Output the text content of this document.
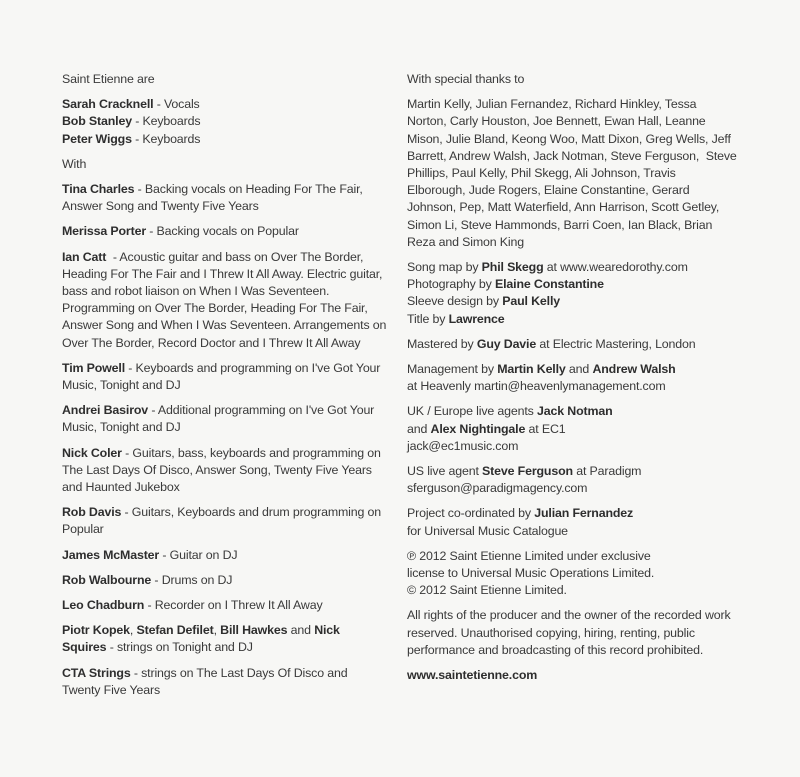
Saint Etienne are

Sarah Cracknell - Vocals
Bob Stanley - Keyboards
Peter Wiggs - Keyboards

With

Tina Charles - Backing vocals on Heading For The Fair, Answer Song and Twenty Five Years

Merissa Porter - Backing vocals on Popular

Ian Catt  - Acoustic guitar and bass on Over The Border, Heading For The Fair and I Threw It All Away. Electric guitar, bass and robot liaison on When I Was Seventeen.  Programming on Over The Border, Heading For The Fair, Answer Song and When I Was Seventeen. Arrangements on Over The Border, Record Doctor and I Threw It All Away

Tim Powell - Keyboards and programming on I've Got Your Music, Tonight and DJ

Andrei Basirov - Additional programming on I've Got Your Music, Tonight and DJ

Nick Coler - Guitars, bass, keyboards and programming on The Last Days Of Disco, Answer Song, Twenty Five Years and Haunted Jukebox

Rob Davis - Guitars, Keyboards and drum programming on Popular

James McMaster - Guitar on DJ

Rob Walbourne - Drums on DJ

Leo Chadburn - Recorder on I Threw It All Away

Piotr Kopek, Stefan Defilet, Bill Hawkes and Nick Squires - strings on Tonight and DJ

CTA Strings - strings on The Last Days Of Disco and Twenty Five Years

With special thanks to

Martin Kelly, Julian Fernandez, Richard Hinkley, Tessa Norton, Carly Houston, Joe Bennett, Ewan Hall, Leanne Mison, Julie Bland, Keong Woo, Matt Dixon, Greg Wells, Jeff Barrett, Andrew Walsh, Jack Notman, Steve Ferguson,  Steve Phillips, Paul Kelly, Phil Skegg, Ali Johnson, Travis Elborough, Jude Rogers, Elaine Constantine, Gerard Johnson, Pep, Matt Waterfield, Ann Harrison, Scott Getley, Simon Li, Steve Hammonds, Barri Coen, Ian Black, Brian Reza and Simon King

Song map by Phil Skegg at www.wearedorothy.com
Photography by Elaine Constantine
Sleeve design by Paul Kelly
Title by Lawrence

Mastered by Guy Davie at Electric Mastering, London

Management by Martin Kelly and Andrew Walsh
at Heavenly martin@heavenlymanagement.com

UK / Europe live agents Jack Notman
and Alex Nightingale at EC1
jack@ec1music.com

US live agent Steve Ferguson at Paradigm
sferguson@paradigmagency.com

Project co-ordinated by Julian Fernandez
for Universal Music Catalogue

℗ 2012 Saint Etienne Limited under exclusive
license to Universal Music Operations Limited.
© 2012 Saint Etienne Limited.

All rights of the producer and the owner of the recorded work reserved. Unauthorised copying, hiring, renting, public performance and broadcasting of this record prohibited.

www.saintetienne.com
